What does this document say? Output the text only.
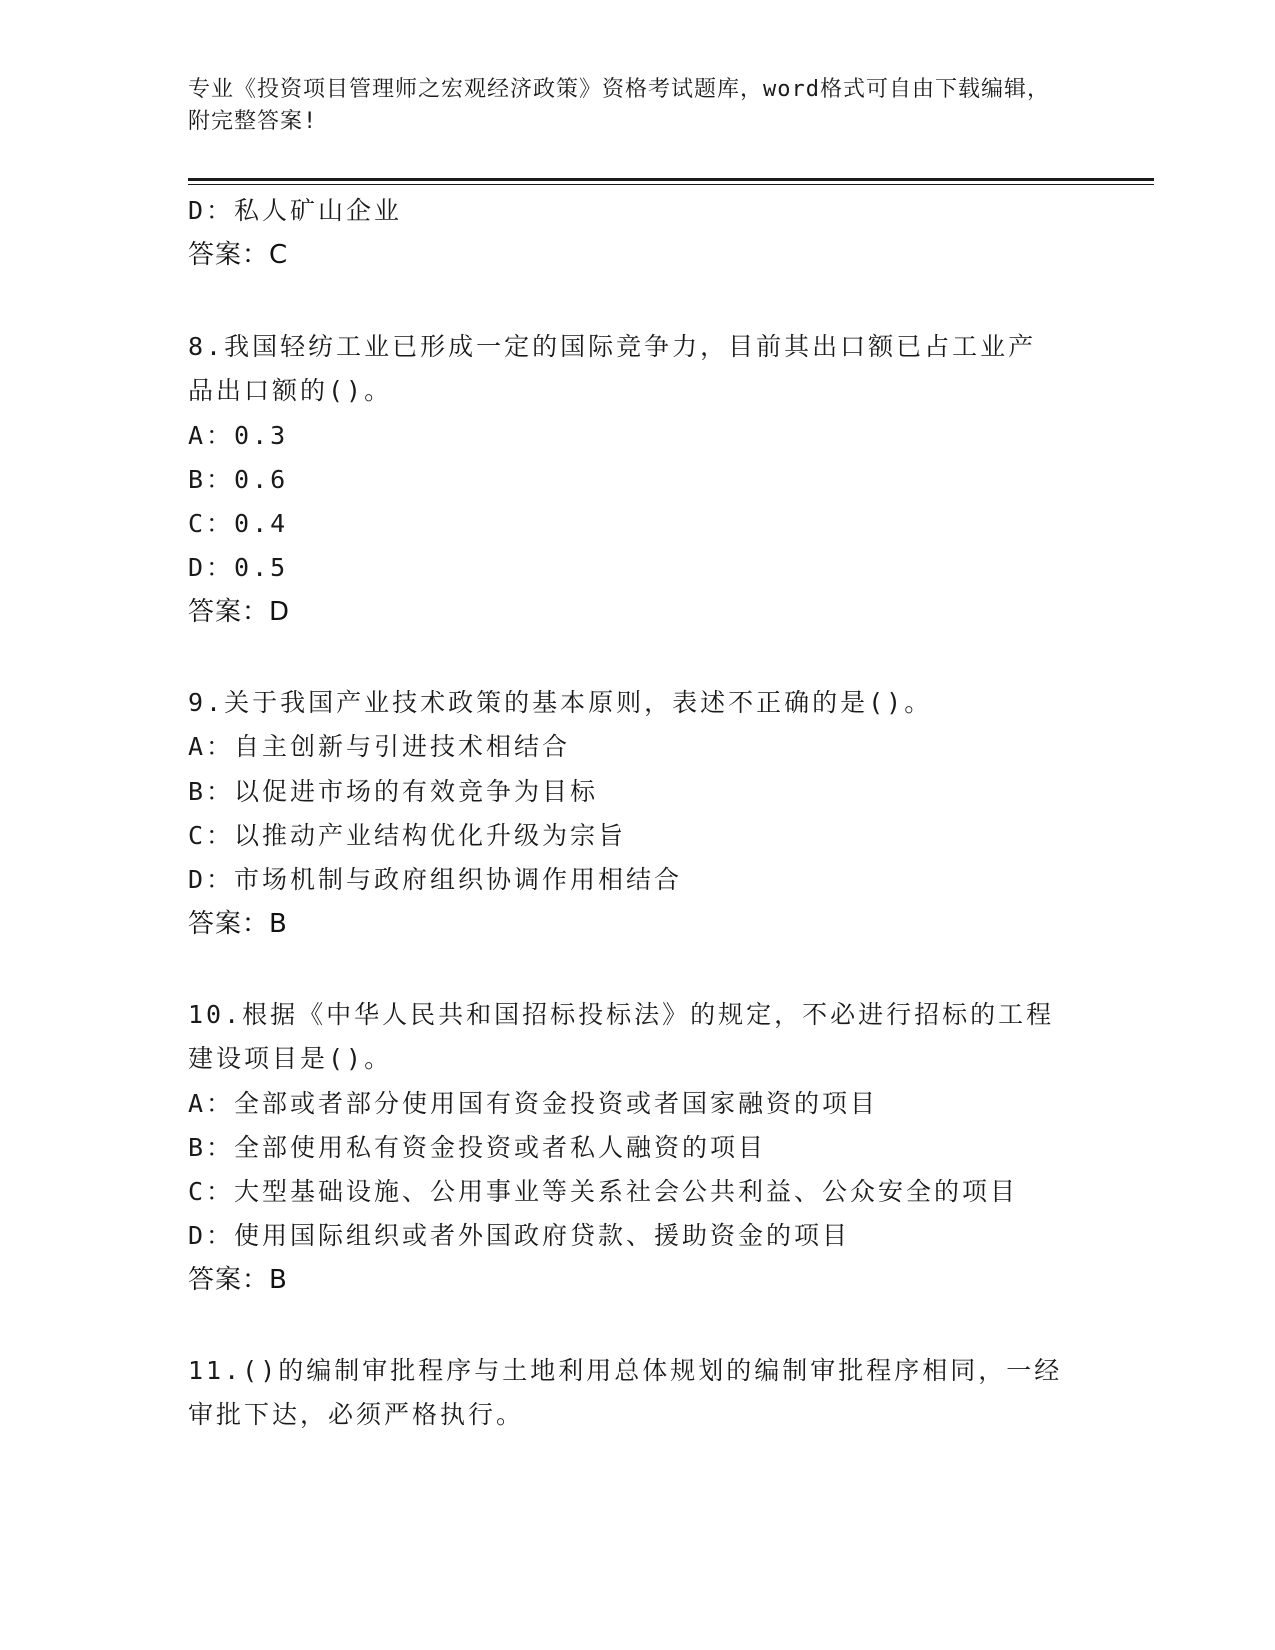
专业《投资项目管理师之宏观经济政策》资格考试题库，word格式可自由下载编辑，附完整答案!
D：私人矿山企业
答案：C
8.我国轻纺工业已形成一定的国际竞争力，目前其出口额已占工业产
品出口额的()。
A：0.3
B：0.6
C：0.4
D：0.5
答案：D
9.关于我国产业技术政策的基本原则，表述不正确的是()。
A：自主创新与引进技术相结合
B：以促进市场的有效竞争为目标
C：以推动产业结构优化升级为宗旨
D：市场机制与政府组织协调作用相结合
答案：B
10.根据《中华人民共和国招标投标法》的规定，不必进行招标的工程
建设项目是()。
A：全部或者部分使用国有资金投资或者国家融资的项目
B：全部使用私有资金投资或者私人融资的项目
C：大型基础设施、公用事业等关系社会公共利益、公众安全的项目
D：使用国际组织或者外国政府贷款、援助资金的项目
答案：B
11.()的编制审批程序与土地利用总体规划的编制审批程序相同，一经
审批下达，必须严格执行。
